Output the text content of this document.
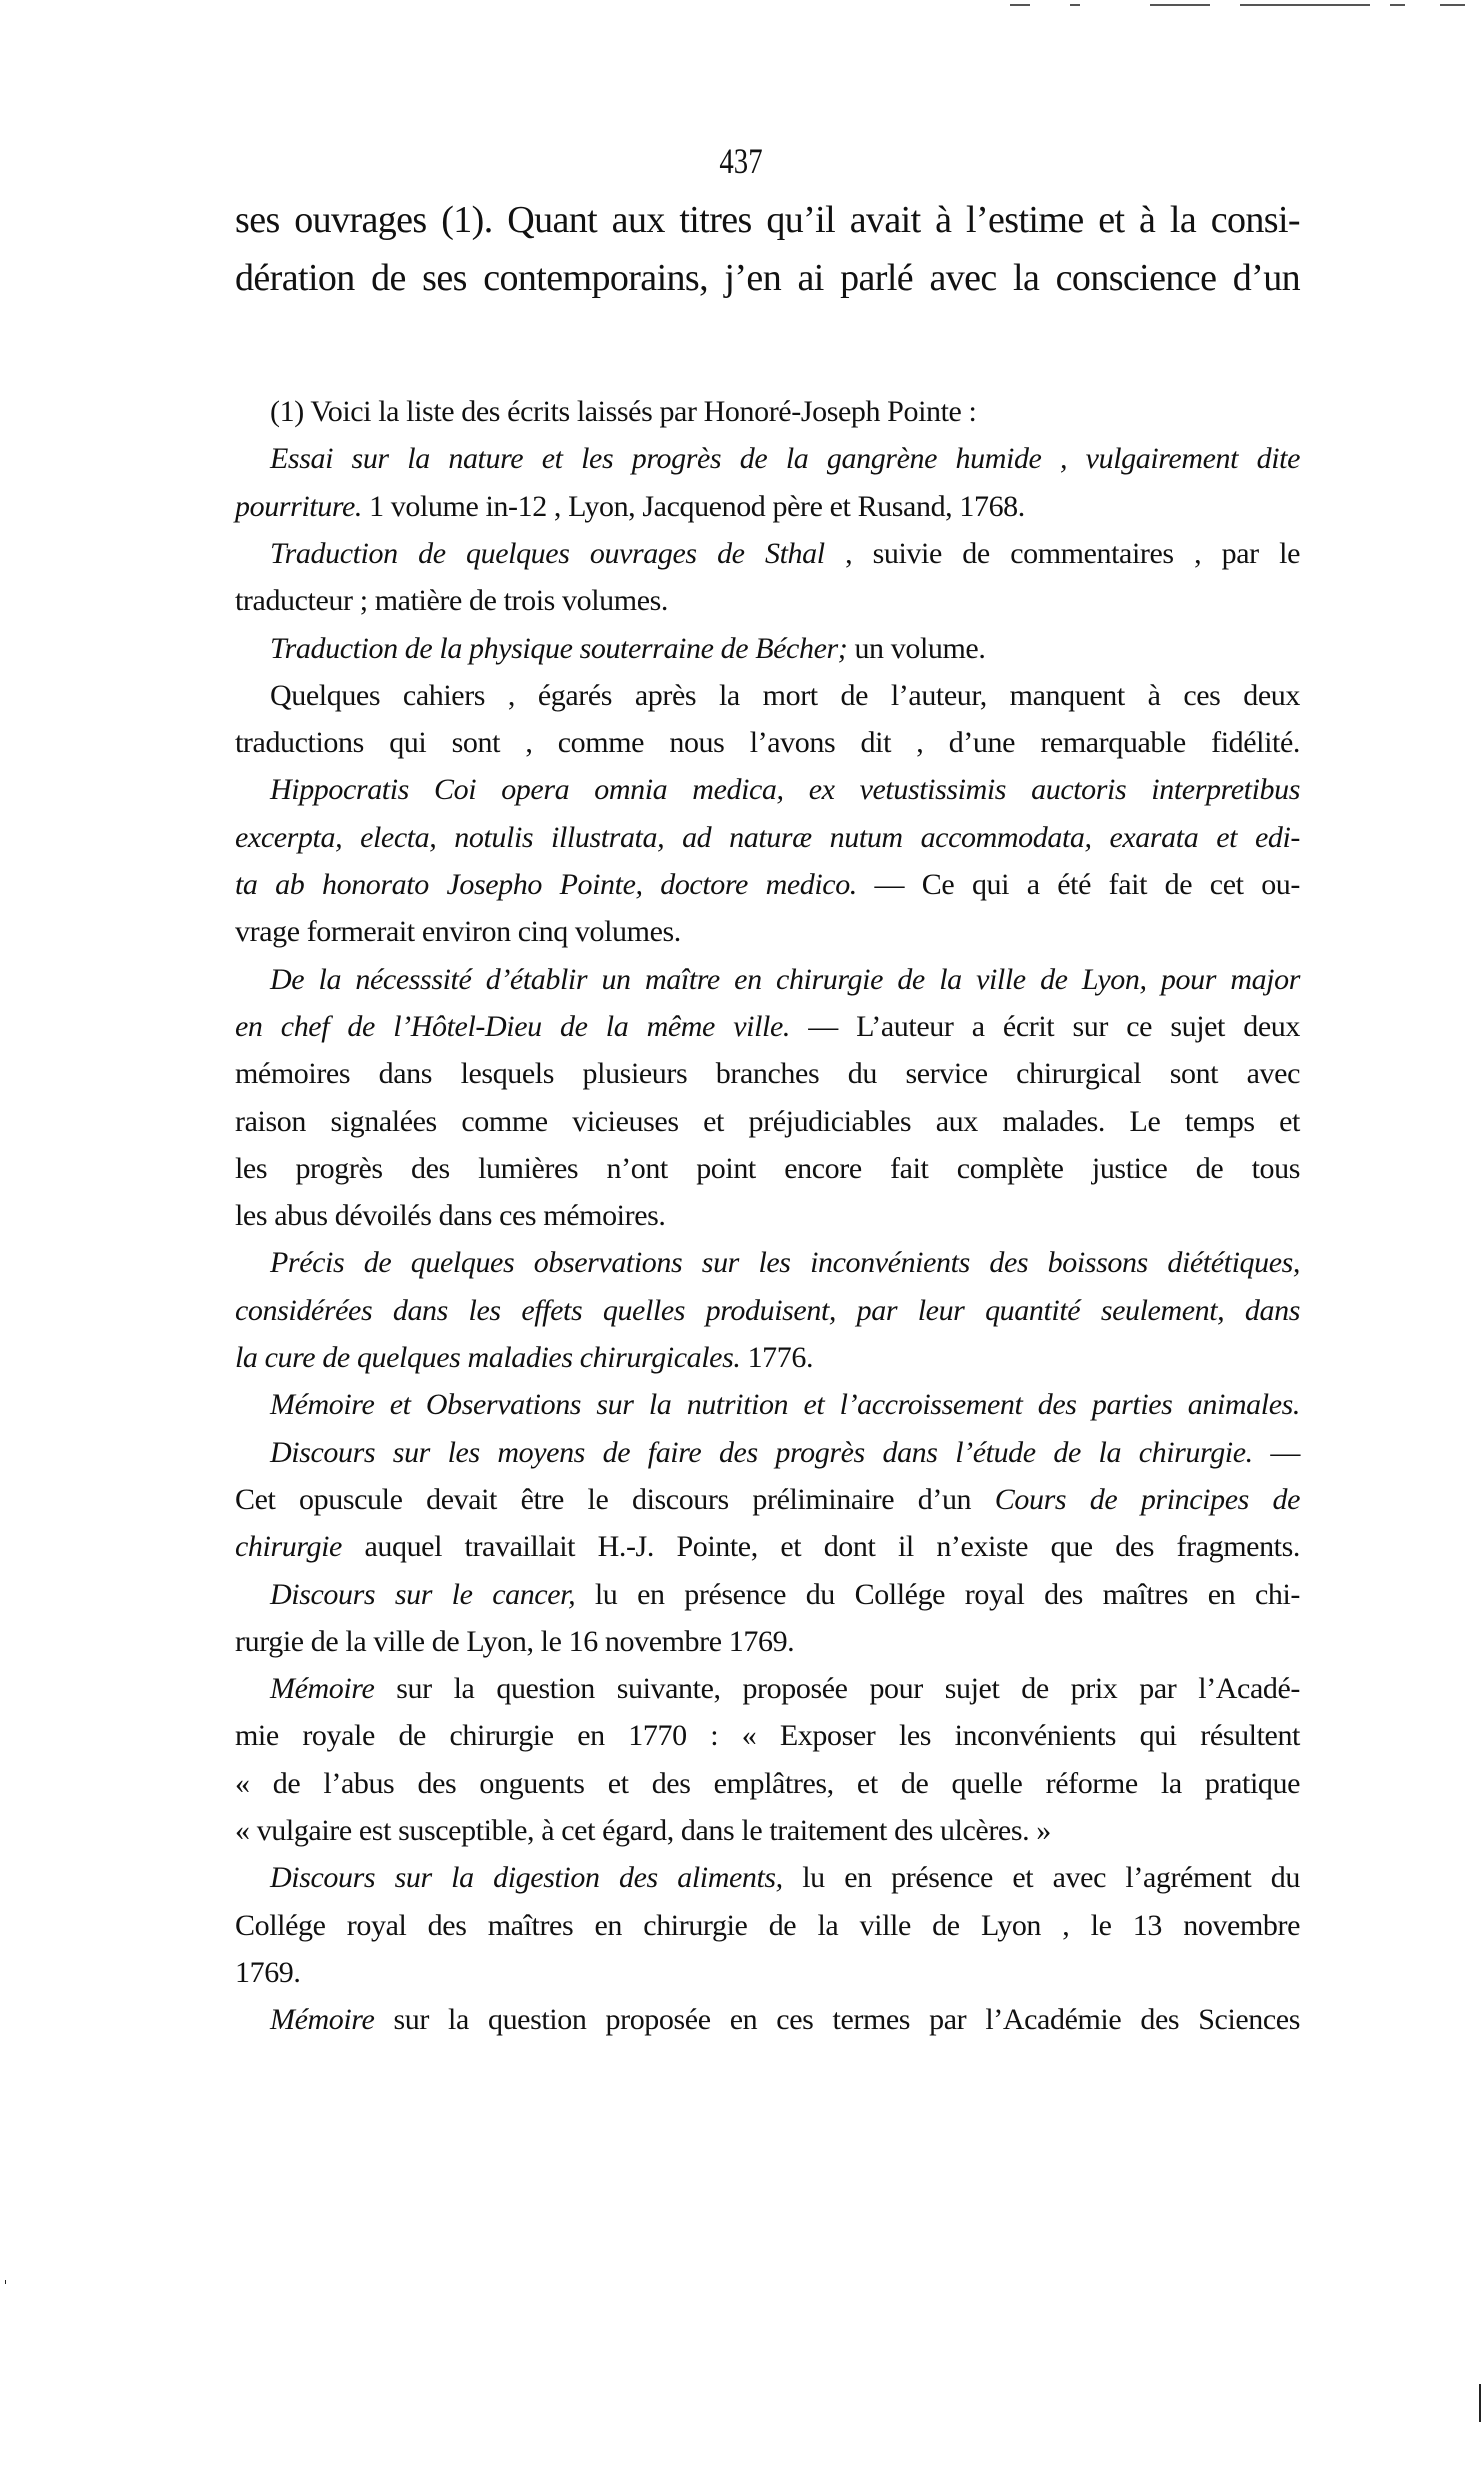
437
ses ouvrages (1). Quant aux titres qu’il avait à l’estime et à la consi-
dération de ses contemporains, j’en ai parlé avec la conscience d’un
(1) Voici la liste des écrits laissés par Honoré-Joseph Pointe :
Essai sur la nature et les progrès de la gangrène humide , vulgairement dite
pourriture. 1 volume in-12 , Lyon, Jacquenod père et Rusand, 1768.
Traduction de quelques ouvrages de Sthal , suivie de commentaires , par le
traducteur ; matière de trois volumes.
Traduction de la physique souterraine de Bécher; un volume.
Quelques cahiers , égarés après la mort de l’auteur, manquent à ces deux
traductions qui sont , comme nous l’avons dit , d’une remarquable fidélité.
Hippocratis Coi opera omnia medica, ex vetustissimis auctoris interpretibus
excerpta, electa, notulis illustrata, ad naturæ nutum accommodata, exarata et edi-
ta ab honorato Josepho Pointe, doctore medico. — Ce qui a été fait de cet ou-
vrage formerait environ cinq volumes.
De la nécesssité d’établir un maître en chirurgie de la ville de Lyon, pour major
en chef de l’Hôtel-Dieu de la même ville. — L’auteur a écrit sur ce sujet deux
mémoires dans lesquels plusieurs branches du service chirurgical sont avec
raison signalées comme vicieuses et préjudiciables aux malades. Le temps et
les progrès des lumières n’ont point encore fait complète justice de tous
les abus dévoilés dans ces mémoires.
Précis de quelques observations sur les inconvénients des boissons diététiques,
considérées dans les effets quelles produisent, par leur quantité seulement, dans
la cure de quelques maladies chirurgicales. 1776.
Mémoire et Observations sur la nutrition et l’accroissement des parties animales.
Discours sur les moyens de faire des progrès dans l’étude de la chirurgie. —
Cet opuscule devait être le discours préliminaire d’un Cours de principes de
chirurgie auquel travaillait H.-J. Pointe, et dont il n’existe que des fragments.
Discours sur le cancer, lu en présence du Collége royal des maîtres en chi-
rurgie de la ville de Lyon, le 16 novembre 1769.
Mémoire sur la question suivante, proposée pour sujet de prix par l’Acadé-
mie royale de chirurgie en 1770 : « Exposer les inconvénients qui résultent
« de l’abus des onguents et des emplâtres, et de quelle réforme la pratique
« vulgaire est susceptible, à cet égard, dans le traitement des ulcères. »
Discours sur la digestion des aliments, lu en présence et avec l’agrément du
Collége royal des maîtres en chirurgie de la ville de Lyon , le 13 novembre
1769.
Mémoire sur la question proposée en ces termes par l’Académie des Sciences
